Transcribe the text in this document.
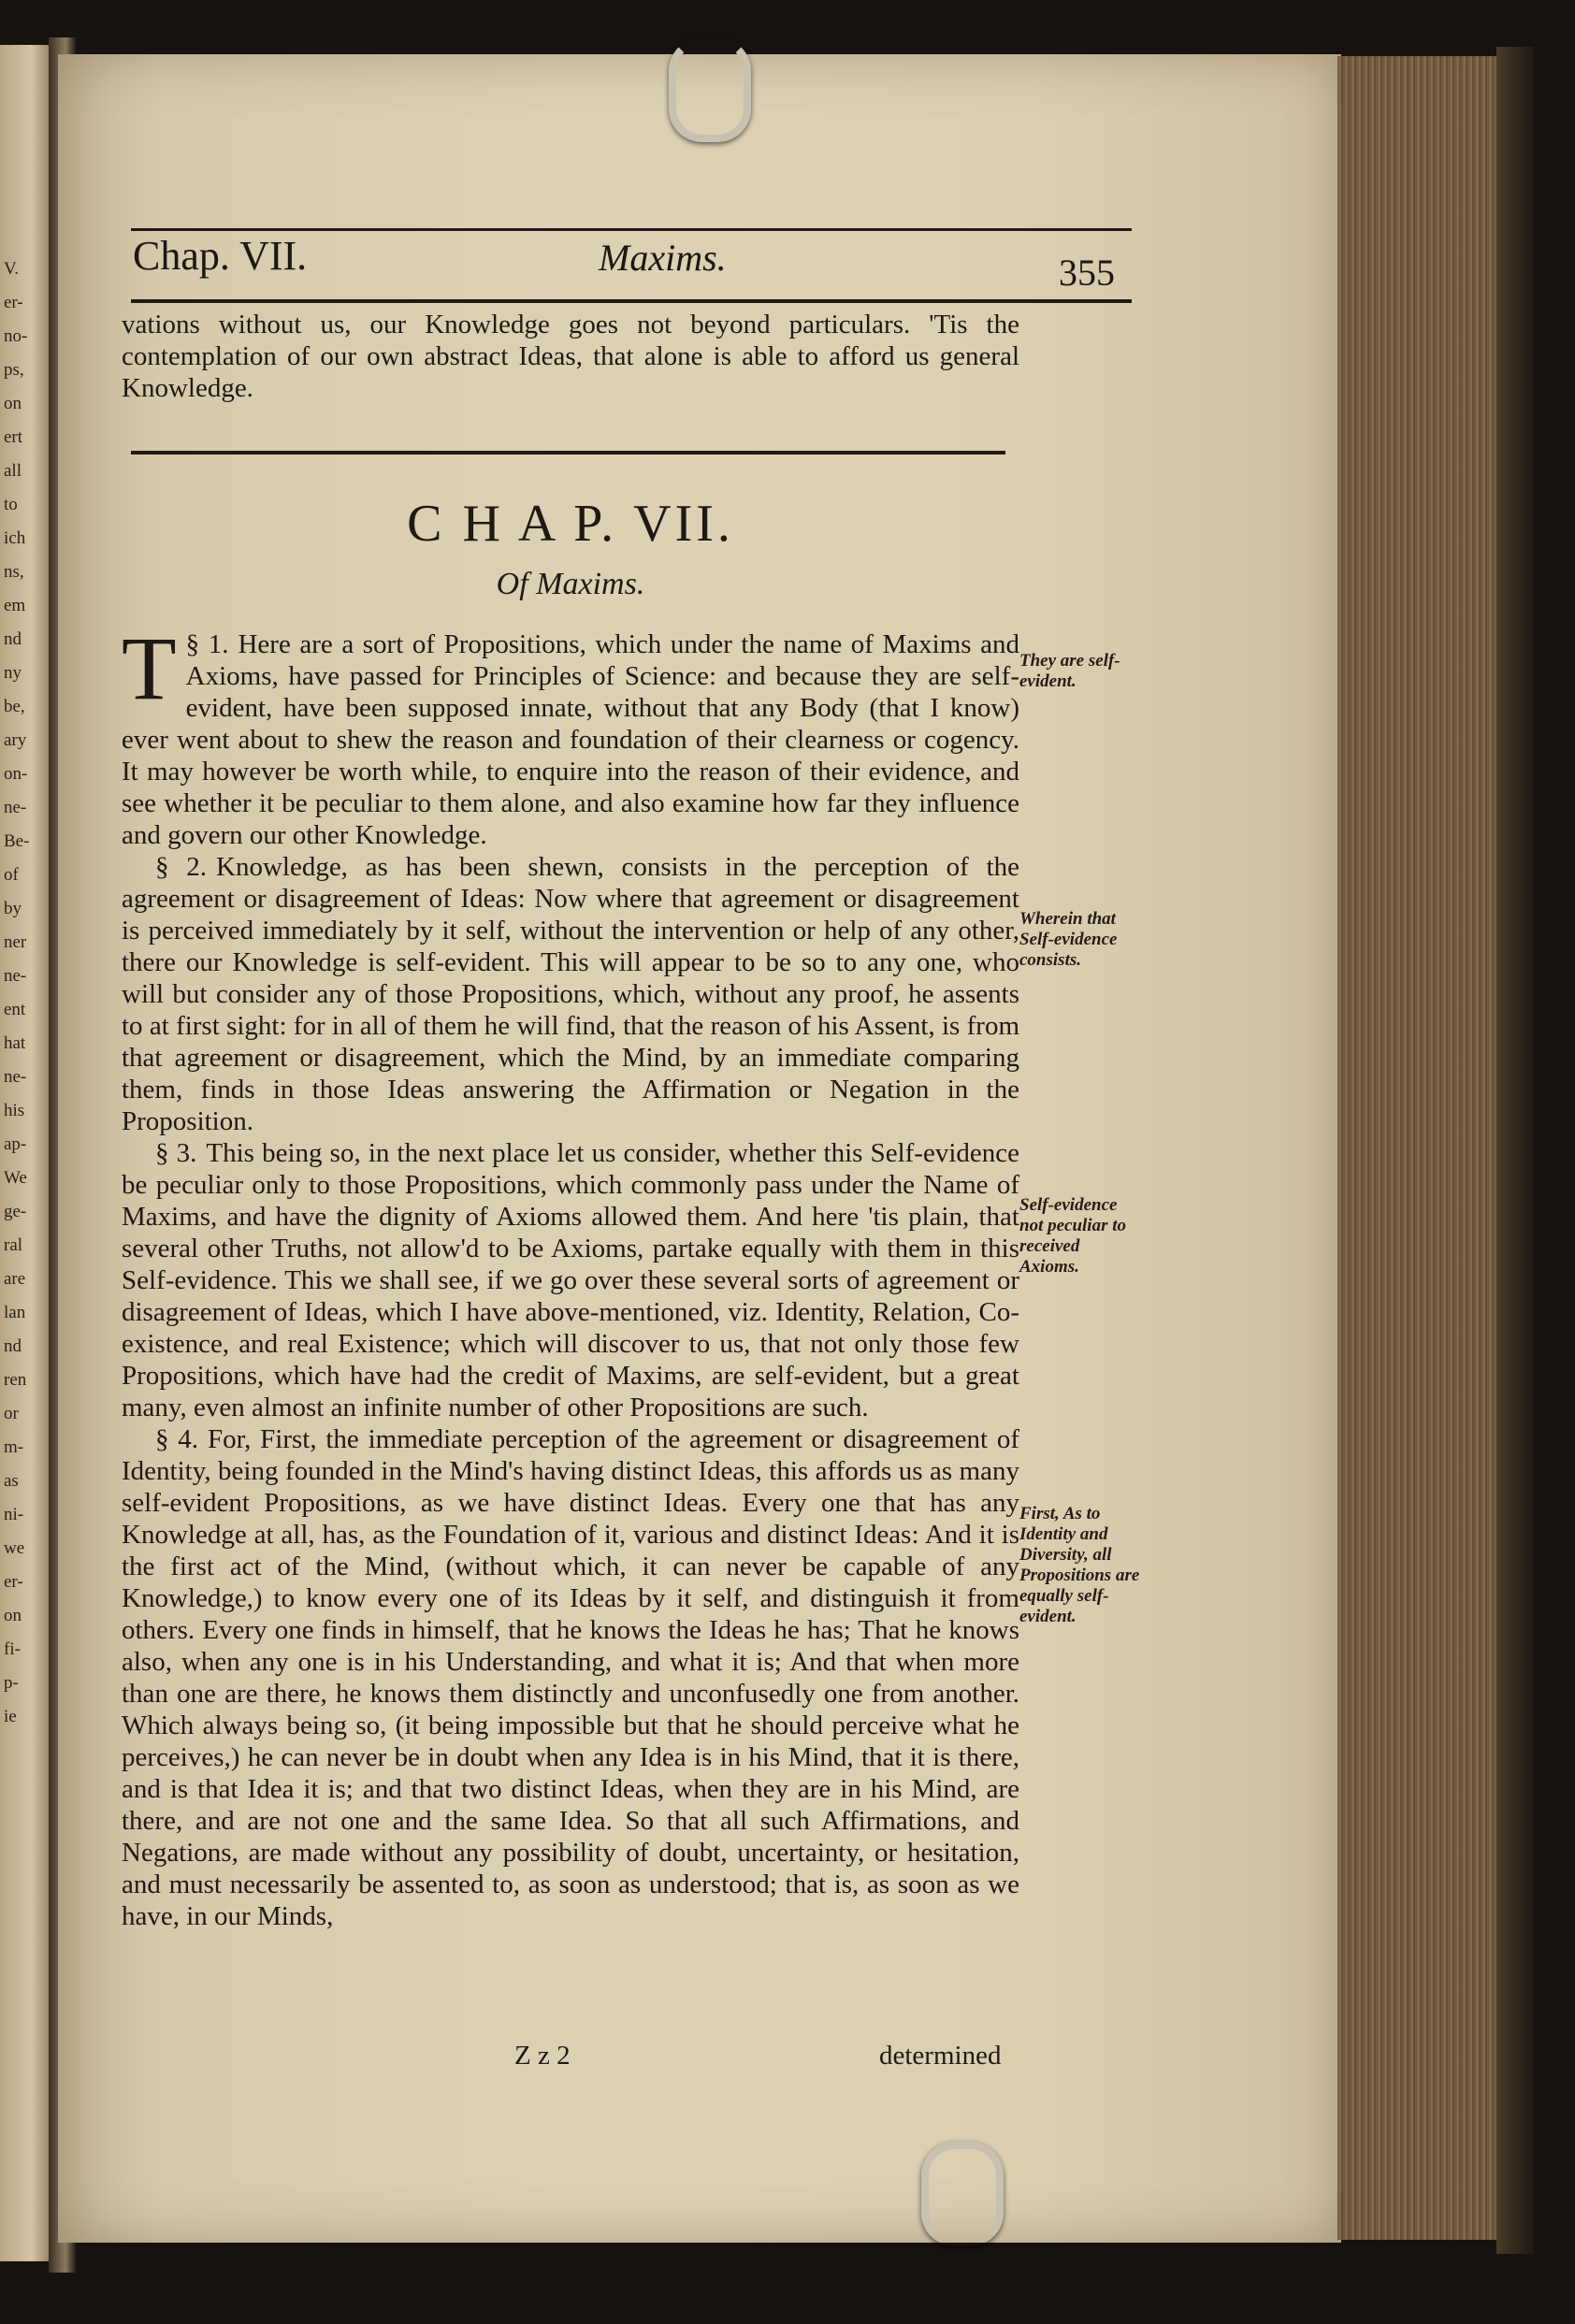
V.
er-
no-
ps,
on
ert
all
to
ich
ns,
em
nd
ny
be,
ary
on-
ne-
Be-
of
by
ner
ne-
ent
hat
ne-
his
ap-
We
ge-
ral
are
lan
nd
ren
or
m-
as
ni-
we
er-
on
fi-
p-
ie
Chap. VII.	Maxims.	355

vations without us, our Knowledge goes not beyond particulars. 'Tis the contemplation of our own abstract Ideas, that alone is able to afford us general Knowledge.

C H A P. VII.
Of Maxims.

§ 1.
T Here are a sort of Propositions, which under the name of Maxims and Axioms, have passed for Principles of Science: and because they are self-evident, have been supposed innate, without that any Body (that I know) ever went about to shew the reason and foundation of their clearness or cogency. It may however be worth while, to enquire into the reason of their evidence, and see whether it be peculiar to them alone, and also examine how far they influence and govern our other Knowledge.

§ 2. Knowledge, as has been shewn, consists in the perception of the agreement or disagreement of Ideas: Now where that agreement or disagreement is perceived immediately by it self, without the intervention or help of any other, there our Knowledge is self-evident. This will appear to be so to any one, who will but consider any of those Propositions, which, without any proof, he assents to at first sight: for in all of them he will find, that the reason of his Assent, is from that agreement or disagreement, which the Mind, by an immediate comparing them, finds in those Ideas answering the Affirmation or Negation in the Proposition.

§ 3. This being so, in the next place let us consider, whether this Self-evidence be peculiar only to those Propositions, which commonly pass under the Name of Maxims, and have the dignity of Axioms allowed them. And here 'tis plain, that several other Truths, not allow'd to be Axioms, partake equally with them in this Self-evidence. This we shall see, if we go over these several sorts of agreement or disagreement of Ideas, which I have above-mentioned, viz. Identity, Relation, Co-existence, and real Existence; which will discover to us, that not only those few Propositions, which have had the credit of Maxims, are self-evident, but a great many, even almost an infinite number of other Propositions are such.

§ 4. For, First, the immediate perception of the agreement or disagreement of Identity, being founded in the Mind's having distinct Ideas, this affords us as many self-evident Propositions, as we have distinct Ideas. Every one that has any Knowledge at all, has, as the Foundation of it, various and distinct Ideas: And it is the first act of the Mind, (without which, it can never be capable of any Knowledge,) to know every one of its Ideas by it self, and distinguish it from others. Every one finds in himself, that he knows the Ideas he has; That he knows also, when any one is in his Understanding, and what it is; And that when more than one are there, he knows them distinctly and unconfusedly one from another. Which always being so, (it being impossible but that he should perceive what he perceives,) he can never be in doubt when any Idea is in his Mind, that it is there, and is that Idea it is; and that two distinct Ideas, when they are in his Mind, are there, and are not one and the same Idea. So that all such Affirmations, and Negations, are made without any possibility of doubt, uncertainty, or hesitation, and must necessarily be assented to, as soon as understood; that is, as soon as we have, in our Minds,

They are self-evident.
Wherein that Self-evidence consists.
Self-evidence not peculiar to received Axioms.
First, As to Identity and Diversity, all Propositions are equally self-evident.
Z z 2	determined
